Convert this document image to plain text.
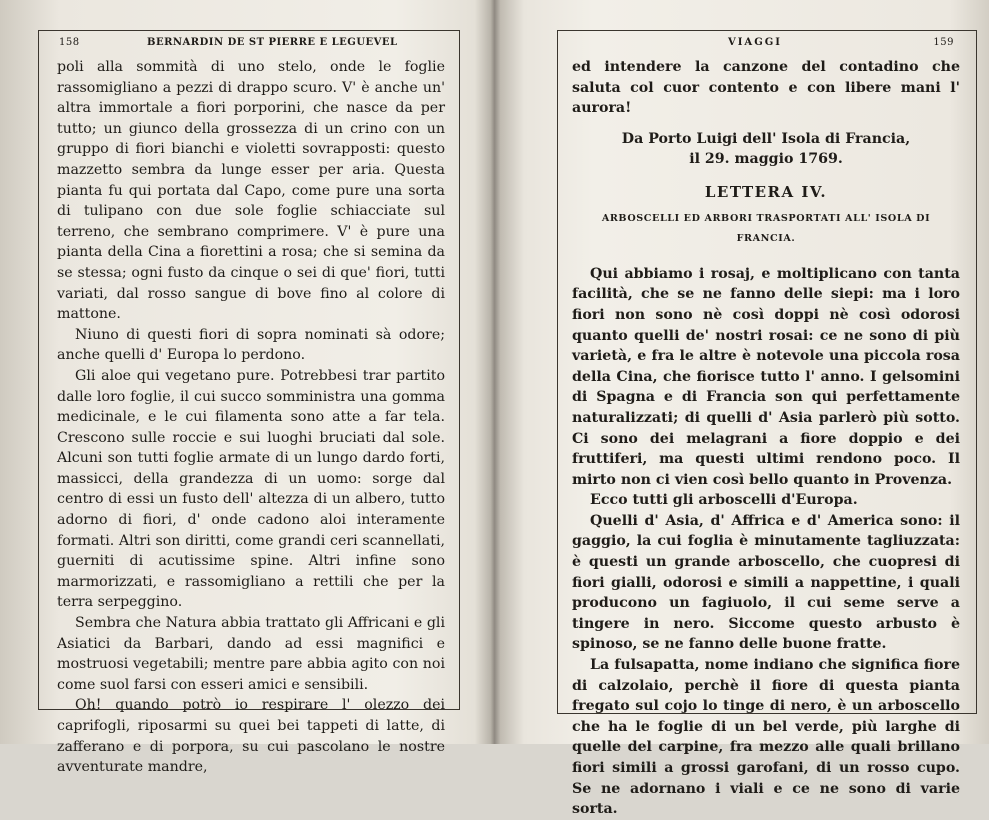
158	BERNARDIN DE ST PIERRE E LEGUEVEL

poli alla sommità di uno stelo, onde le foglie rassomigliano a pezzi di drappo scuro. V' è anche un' altra immortale a fiori porporini, che nasce da per tutto; un giunco della grossezza di un crino con un gruppo di fiori bianchi e violetti sovrapposti: questo mazzetto sembra da lunge esser per aria. Questa pianta fu qui portata dal Capo, come pure una sorta di tulipano con due sole foglie schiacciate sul terreno, che sembrano comprimere. V' è pure una pianta della Cina a fiorettini a rosa; che si semina da se stessa; ogni fusto da cinque o sei di que' fiori, tutti variati, dal rosso sangue di bove fino al colore di mattone.

Niuno di questi fiori di sopra nominati sà odore; anche quelli d' Europa lo perdono.

Gli aloe qui vegetano pure. Potrebbesi trar partito dalle loro foglie, il cui succo somministra una gomma medicinale, e le cui filamenta sono atte a far tela. Crescono sulle roccie e sui luoghi bruciati dal sole. Alcuni son tutti foglie armate di un lungo dardo forti, massicci, della grandezza di un uomo: sorge dal centro di essi un fusto dell' altezza di un albero, tutto adorno di fiori, d' onde cadono aloi interamente formati. Altri son diritti, come grandi ceri scannellati, guerniti di acutissime spine. Altri infine sono marmorizzati, e rassomigliano a rettili che per la terra serpeggino.

Sembra che Natura abbia trattato gli Affricani e gli Asiatici da Barbari, dando ad essi magnifici e mostruosi vegetabili; mentre pare abbia agito con noi come suol farsi con esseri amici e sensibili.

Oh! quando potrò io respirare l' olezzo dei caprifogli, riposarmi su quei bei tappeti di latte, di zafferano e di porpora, su cui pascolano le nostre avventurate mandre,

VIAGGI	159

ed intendere la canzone del contadino che saluta col cuor contento e con libere mani l' aurora!

Da Porto Luigi dell' Isola di Francia,
il 29. maggio 1769.
LETTERA IV.
ARBOSCELLI ED ARBORI TRASPORTATI ALL' ISOLA DI FRANCIA.

Qui abbiamo i rosaj, e moltiplicano con tanta facilità, che se ne fanno delle siepi: ma i loro fiori non sono nè così doppi nè così odorosi quanto quelli de' nostri rosai: ce ne sono di più varietà, e fra le altre è notevole una piccola rosa della Cina, che fiorisce tutto l' anno. I gelsomini di Spagna e di Francia son qui perfettamente naturalizzati; di quelli d' Asia parlerò più sotto. Ci sono dei melagrani a fiore doppio e dei fruttiferi, ma questi ultimi rendono poco. Il mirto non ci vien così bello quanto in Provenza.

Ecco tutti gli arboscelli d'Europa.

Quelli d' Asia, d' Affrica e d' America sono: il gaggio, la cui foglia è minutamente tagliuzzata: è questi un grande arboscello, che cuopresi di fiori gialli, odorosi e simili a nappettine, i quali producono un fagiuolo, il cui seme serve a tingere in nero. Siccome questo arbusto è spinoso, se ne fanno delle buone fratte.

La fulsapatta, nome indiano che significa fiore di calzolaio, perchè il fiore di questa pianta fregato sul cojo lo tinge di nero, è un arboscello che ha le foglie di un bel verde, più larghe di quelle del carpine, fra mezzo alle quali brillano fiori simili a grossi garofani, di un rosso cupo. Se ne adornano i viali e ce ne sono di varie sorta.
